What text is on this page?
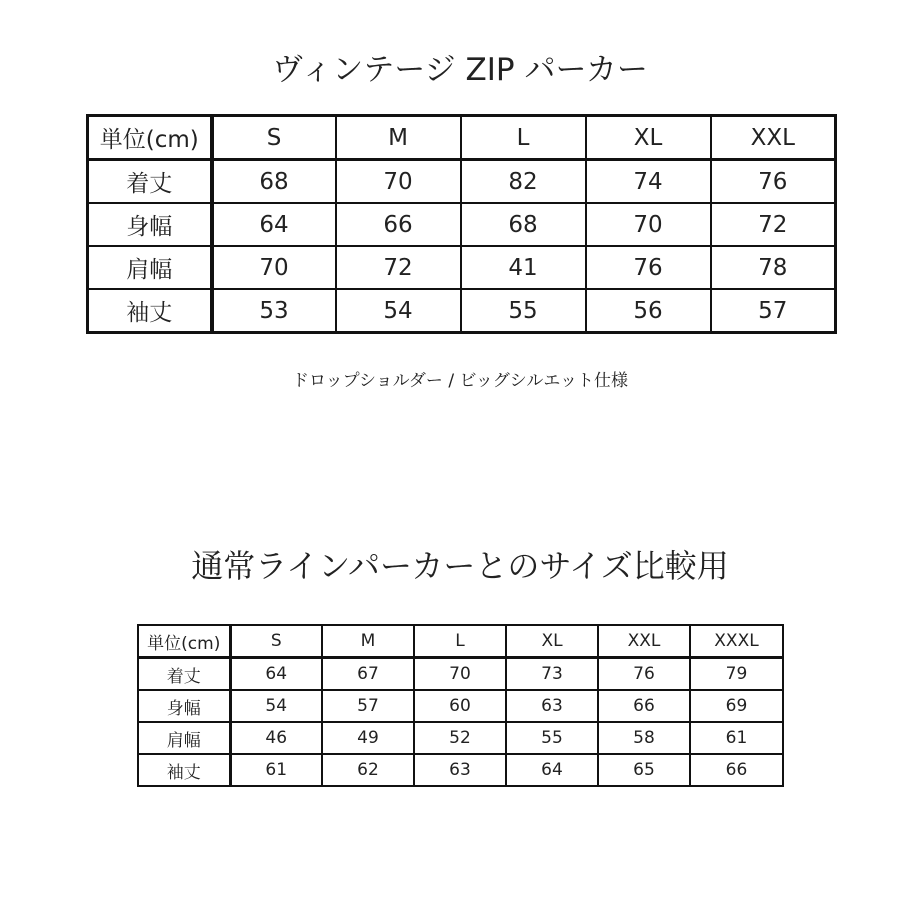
ヴィンテージ ZIP パーカー
単位(cm)	S	M	L	XL	XXL
着丈	68	70	82	74	76
身幅	64	66	68	70	72
肩幅	70	72	41	76	78
袖丈	53	54	55	56	57
ドロップショルダー / ビッグシルエット仕様
通常ラインパーカーとのサイズ比較用
単位(cm)	S	M	L	XL	XXL	XXXL
着丈	64	67	70	73	76	79
身幅	54	57	60	63	66	69
肩幅	46	49	52	55	58	61
袖丈	61	62	63	64	65	66
